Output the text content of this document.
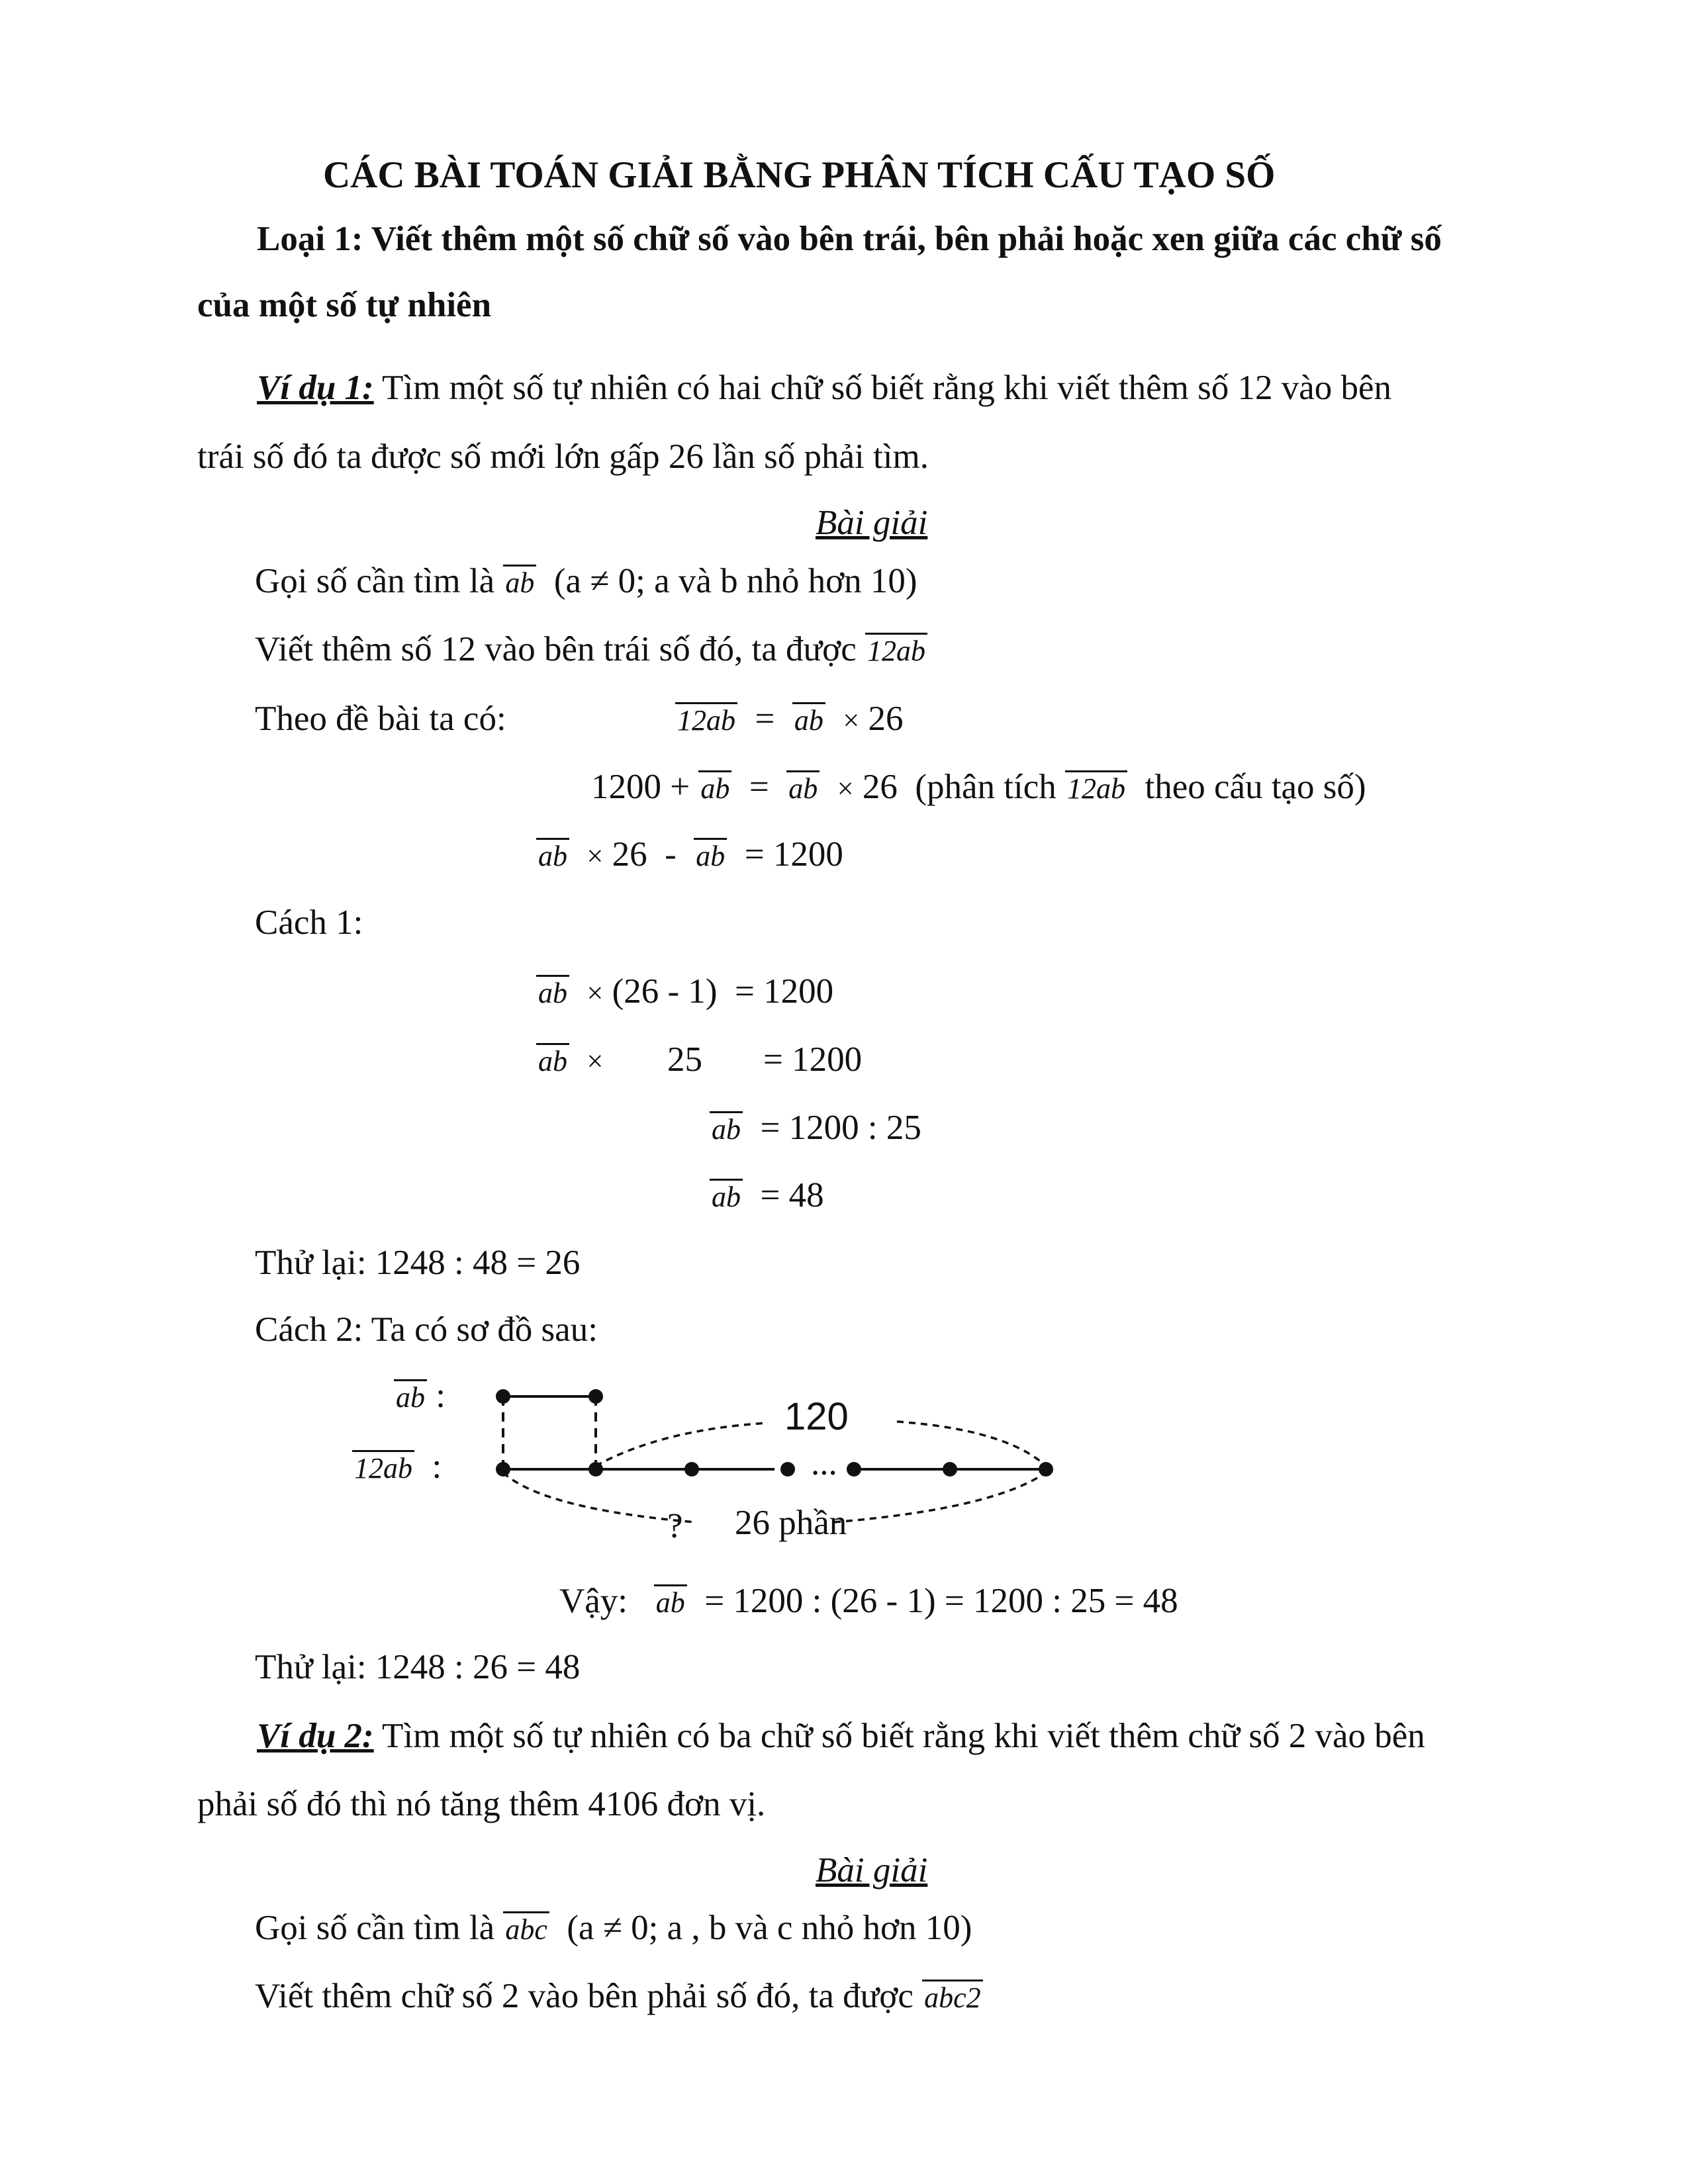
CÁC BÀI TOÁN GIẢI BẰNG PHÂN TÍCH CẤU TẠO SỐ
Loại 1: Viết thêm một số chữ số vào bên trái, bên phải hoặc xen giữa các chữ số
của một số tự nhiên
Ví dụ 1: Tìm một số tự nhiên có hai chữ số biết rằng khi viết thêm số 12 vào bên
trái số đó ta được số mới lớn gấp 26 lần số phải tìm.
Bài giải
Gọi số cần tìm là ab (a ≠ 0; a và b nhỏ hơn 10)
Viết thêm số 12 vào bên trái số đó, ta được 12ab
Theo đề bài ta có:	12ab = ab × 26
1200 + ab = ab × 26 (phân tích 12ab theo cấu tạo số)
ab × 26 - ab = 1200
Cách 1:
ab × (26 - 1) = 1200
ab × 25 = 1200
ab = 1200 : 25
ab = 48
Thử lại: 1248 : 48 = 26
Cách 2: Ta có sơ đồ sau:
ab :
12ab :
120
...
? 26 phần
Vậy: ab = 1200 : (26 - 1) = 1200 : 25 = 48
Thử lại: 1248 : 26 = 48
Ví dụ 2: Tìm một số tự nhiên có ba chữ số biết rằng khi viết thêm chữ số 2 vào bên
phải số đó thì nó tăng thêm 4106 đơn vị.
Bài giải
Gọi số cần tìm là abc (a ≠ 0; a , b và c nhỏ hơn 10)
Viết thêm chữ số 2 vào bên phải số đó, ta được abc2
